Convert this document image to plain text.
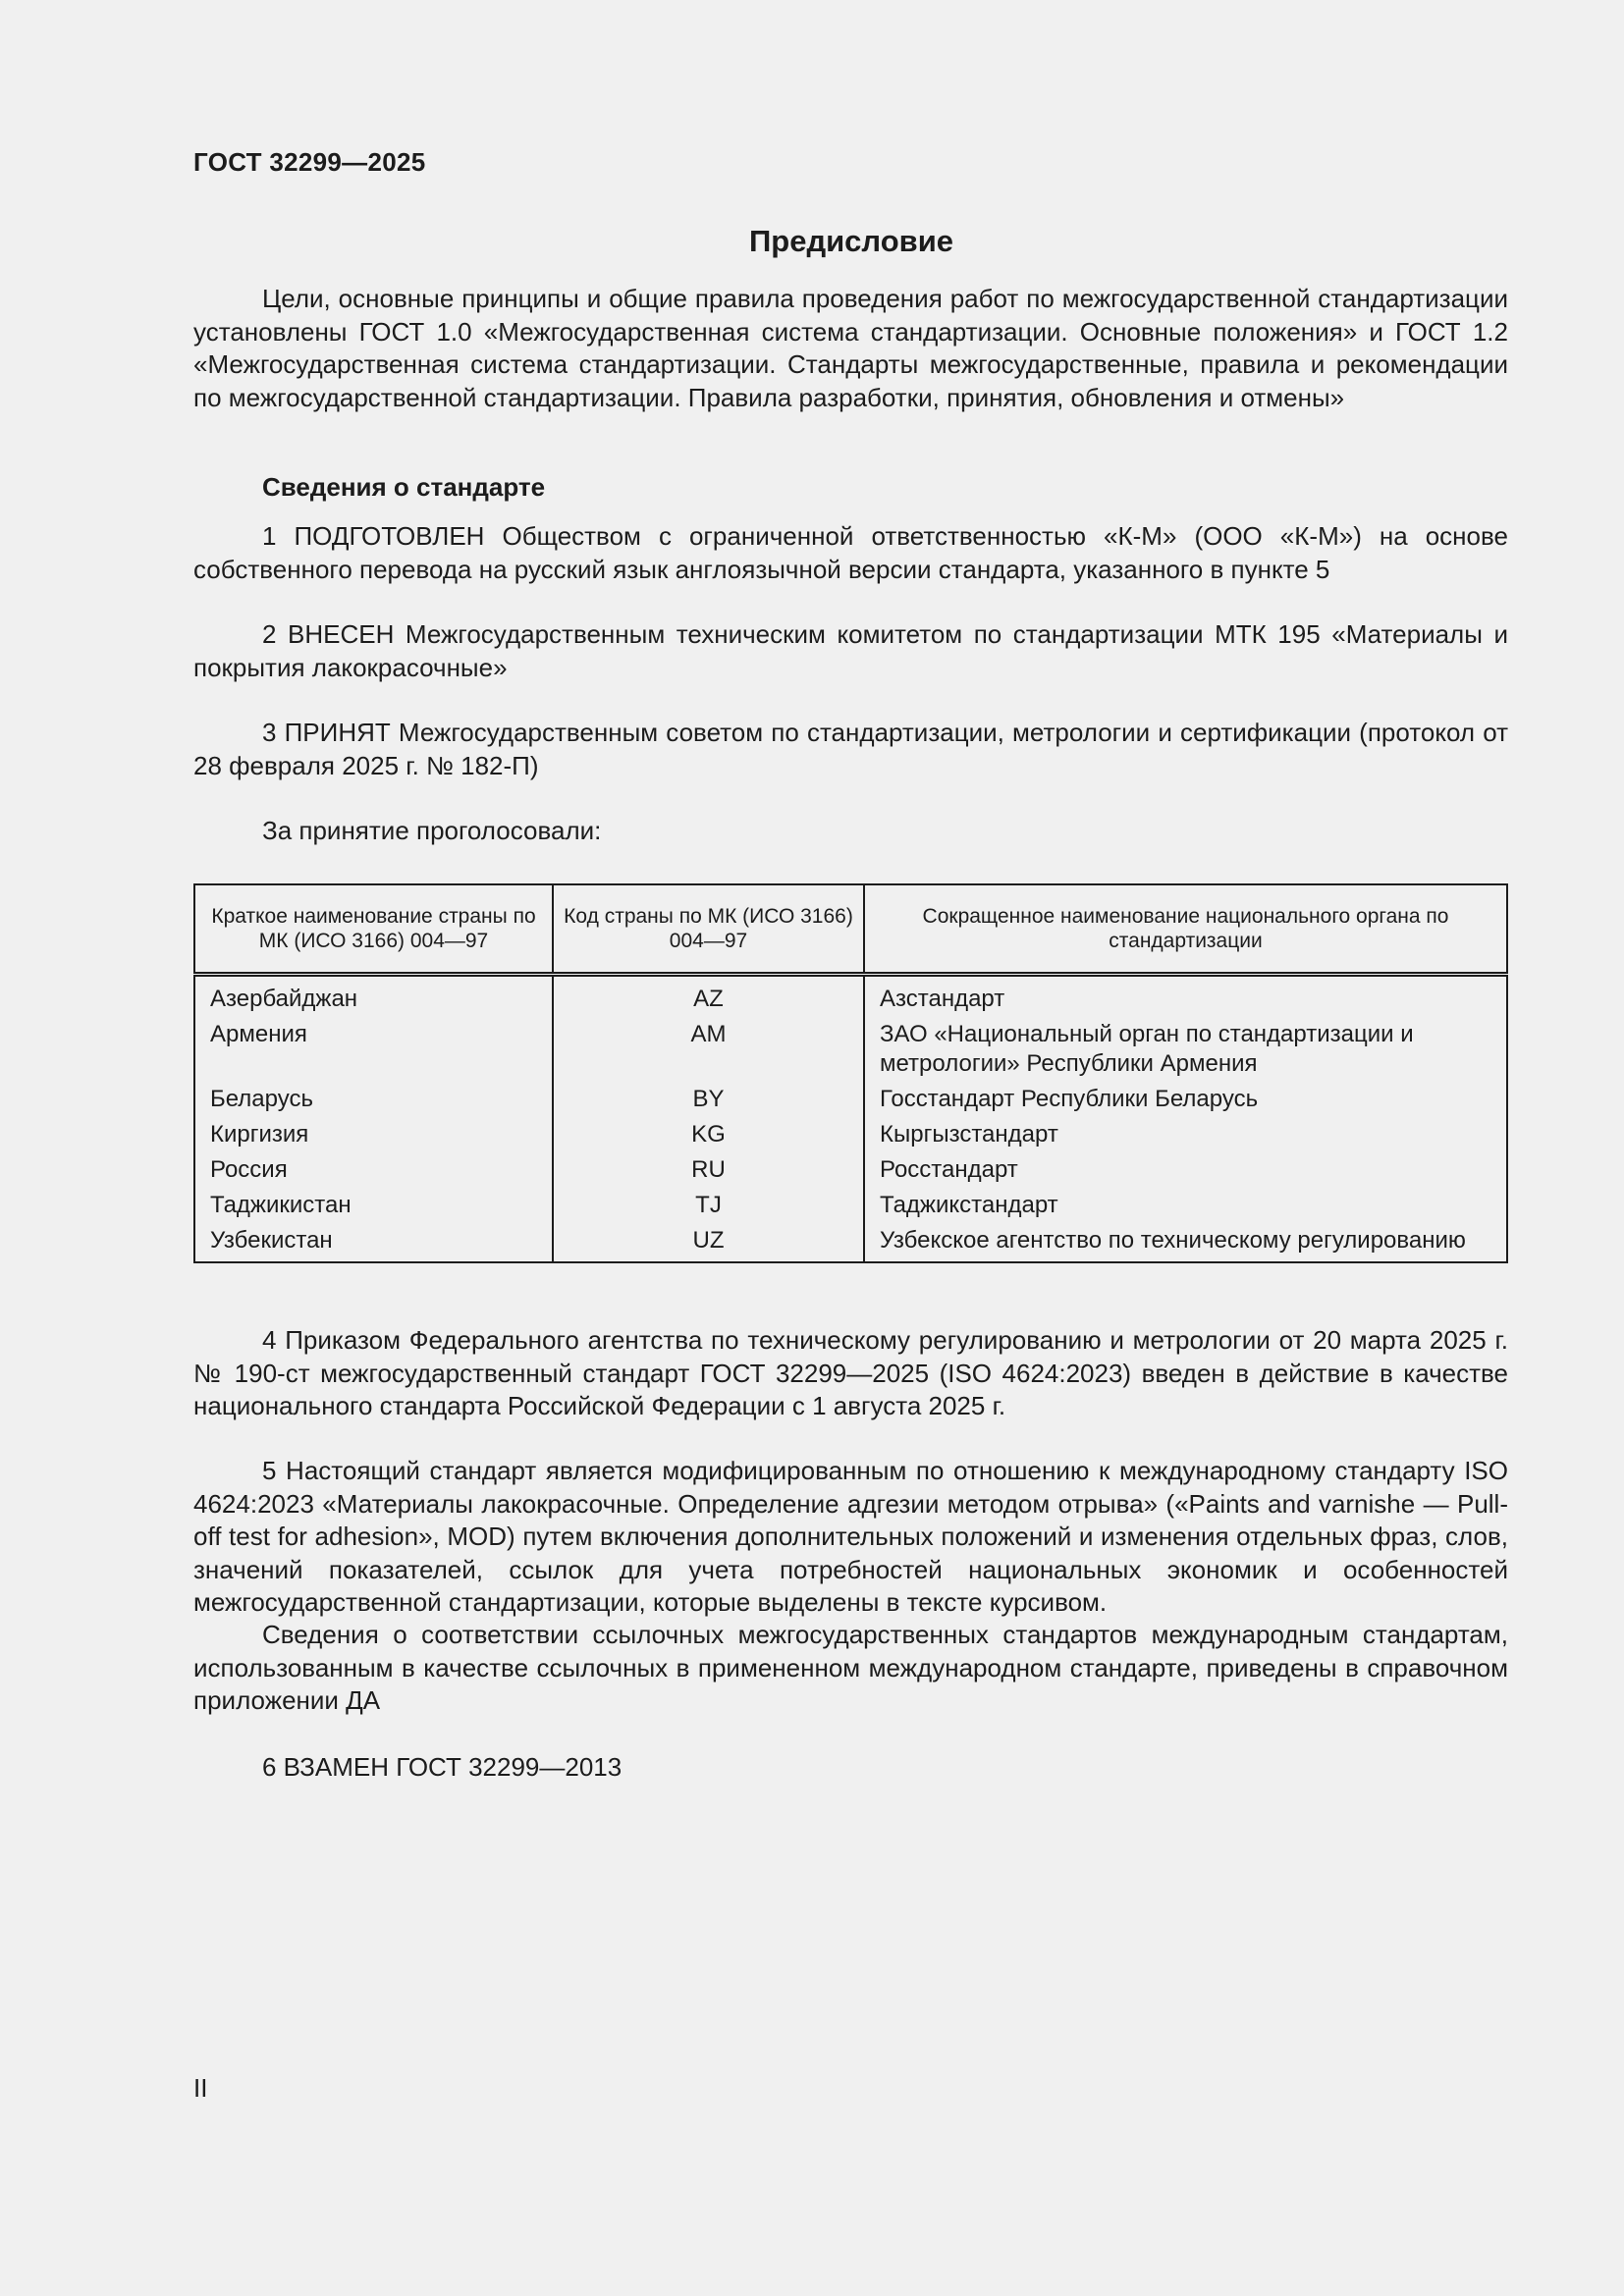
ГОСТ 32299—2025
Предисловие

Цели, основные принципы и общие правила проведения работ по межгосударственной стандартизации установлены ГОСТ 1.0 «Межгосударственная система стандартизации. Основные положения» и ГОСТ 1.2 «Межгосударственная система стандартизации. Стандарты межгосударственные, правила и рекомендации по межгосударственной стандартизации. Правила разработки, принятия, обновления и отмены»

Сведения о стандарте

1 ПОДГОТОВЛЕН Обществом с ограниченной ответственностью «К-М» (ООО «К-М») на основе собственного перевода на русский язык англоязычной версии стандарта, указанного в пункте 5

2 ВНЕСЕН Межгосударственным техническим комитетом по стандартизации МТК 195 «Материалы и покрытия лакокрасочные»

3 ПРИНЯТ Межгосударственным советом по стандартизации, метрологии и сертификации (протокол от 28 февраля 2025 г. № 182-П)

За принятие проголосовали:
Краткое наименование страны по МК (ИСО 3166) 004—97	Код страны по МК (ИСО 3166) 004—97	Сокращенное наименование национального органа по стандартизации
Азербайджан	AZ	Азстандарт
Армения	AM	ЗАО «Национальный орган по стандартизации и метрологии» Республики Армения
Беларусь	BY	Госстандарт Республики Беларусь
Киргизия	KG	Кыргызстандарт
Россия	RU	Росстандарт
Таджикистан	TJ	Таджикстандарт
Узбекистан	UZ	Узбекское агентство по техническому регулированию

4 Приказом Федерального агентства по техническому регулированию и метрологии от 20 марта 2025 г. № 190-ст межгосударственный стандарт ГОСТ 32299—2025 (ISO 4624:2023) введен в действие в качестве национального стандарта Российской Федерации с 1 августа 2025 г.

5 Настоящий стандарт является модифицированным по отношению к международному стандарту ISO 4624:2023 «Материалы лакокрасочные. Определение адгезии методом отрыва» («Paints and varnishe — Pull-off test for adhesion», MOD) путем включения дополнительных положений и изменения отдельных фраз, слов, значений показателей, ссылок для учета потребностей национальных экономик и особенностей межгосударственной стандартизации, которые выделены в тексте курсивом.

Сведения о соответствии ссылочных межгосударственных стандартов международным стандартам, использованным в качестве ссылочных в примененном международном стандарте, приведены в справочном приложении ДА

6 ВЗАМЕН ГОСТ 32299—2013

II
